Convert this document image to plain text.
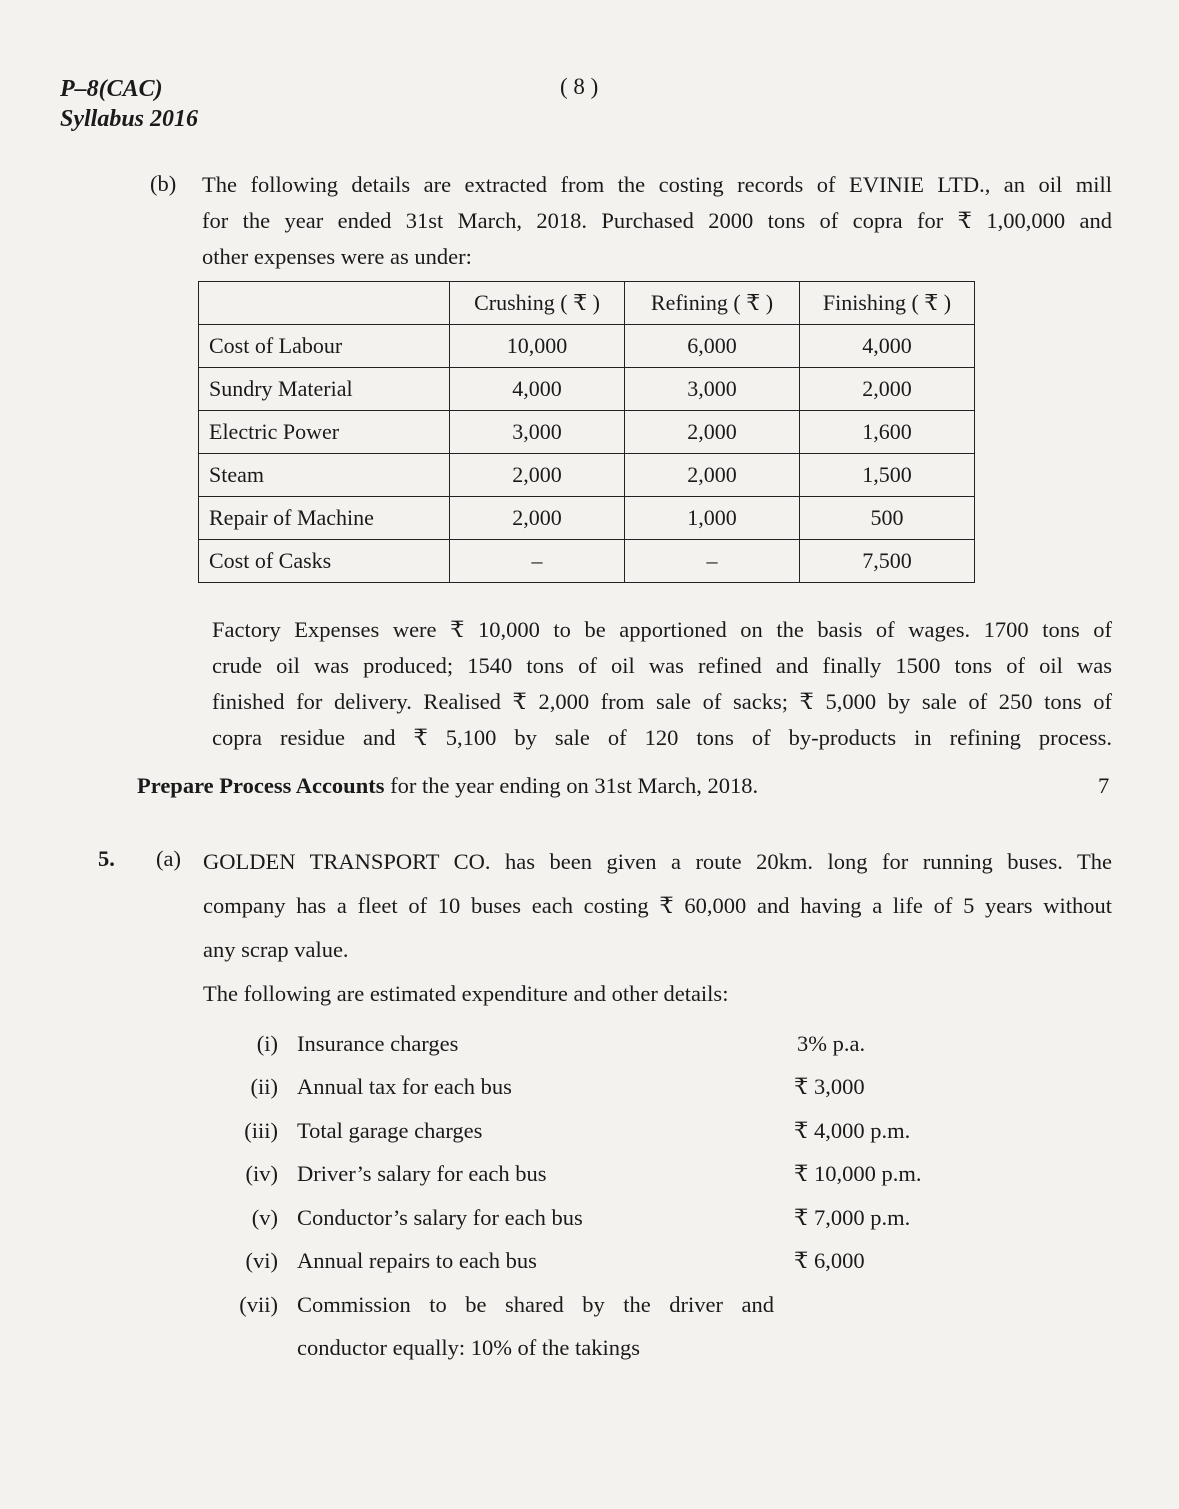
P–8(CAC)
Syllabus 2016
( 8 )
(b) The following details are extracted from the costing records of EVINIE LTD., an oil mill
for the year ended 31st March, 2018. Purchased 2000 tons of copra for ₹ 1,00,000 and
other expenses were as under:
	Crushing ( ₹ )	Refining ( ₹ )	Finishing ( ₹ )
Cost of Labour	10,000	6,000	4,000
Sundry Material	4,000	3,000	2,000
Electric Power	3,000	2,000	1,600
Steam	2,000	2,000	1,500
Repair of Machine	2,000	1,000	500
Cost of Casks	–	–	7,500
Factory Expenses were ₹ 10,000 to be apportioned on the basis of wages. 1700 tons of
crude oil was produced; 1540 tons of oil was refined and finally 1500 tons of oil was
finished for delivery. Realised ₹ 2,000 from sale of sacks; ₹ 5,000 by sale of 250 tons of
copra residue and ₹ 5,100 by sale of 120 tons of by-products in refining process.
Prepare Process Accounts for the year ending on 31st March, 2018.	7
5. (a) GOLDEN TRANSPORT CO. has been given a route 20km. long for running buses. The
company has a fleet of 10 buses each costing ₹ 60,000 and having a life of 5 years without
any scrap value.
The following are estimated expenditure and other details:
(i) Insurance charges	3% p.a.
(ii) Annual tax for each bus	₹ 3,000
(iii) Total garage charges	₹ 4,000 p.m.
(iv) Driver’s salary for each bus	₹ 10,000 p.m.
(v) Conductor’s salary for each bus	₹ 7,000 p.m.
(vi) Annual repairs to each bus	₹ 6,000
(vii) Commission to be shared by the driver and
conductor equally: 10% of the takings
